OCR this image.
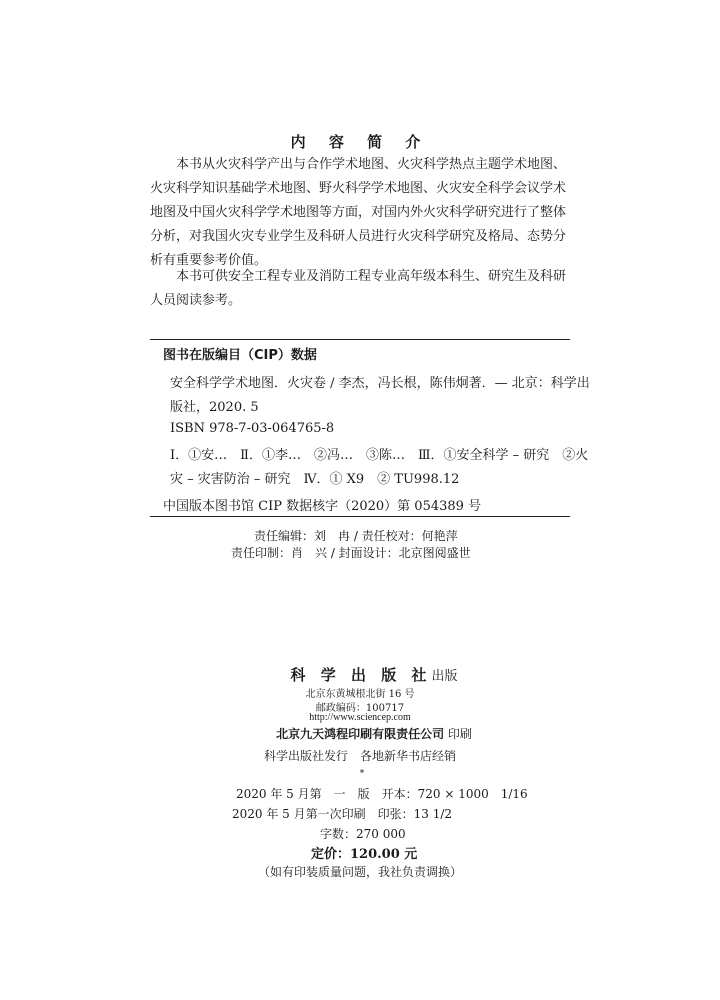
内 容 简 介
　　本书从火灾科学产出与合作学术地图、火灾科学热点主题学术地图、
火灾科学知识基础学术地图、野火科学学术地图、火灾安全科学会议学术
地图及中国火灾科学学术地图等方面，对国内外火灾科学研究进行了整体
分析，对我国火灾专业学生及科研人员进行火灾科学研究及格局、态势分
析有重要参考价值。
　　本书可供安全工程专业及消防工程专业高年级本科生、研究生及科研
人员阅读参考。
图书在版编目（CIP）数据
安全科学学术地图．火灾卷 / 李杰，冯长根，陈伟炯著．— 北京：科学出
版社，2020. 5
ISBN 978-7-03-064765-8
Ⅰ．①安…　Ⅱ．①李…　②冯…　③陈…　Ⅲ．①安全科学 – 研究　②火
灾 – 灾害防治 – 研究　Ⅳ．① X9　② TU998.12
中国版本图书馆 CIP 数据核字（2020）第 054389 号
责任编辑：刘　冉 / 责任校对：何艳萍
责任印制：肖　兴 / 封面设计：北京图阅盛世
科 学 出 版 社出版
北京东黄城根北街 16 号
邮政编码：100717
http://www.sciencep.com
北京九天鸿程印刷有限责任公司 印刷
科学出版社发行　各地新华书店经销
*
2020 年 5 月第　一　版　开本：720 × 1000　1/16
2020 年 5 月第一次印刷　印张：13 1/2
字数：270 000
定价：120.00 元
（如有印装质量问题，我社负责调换）
